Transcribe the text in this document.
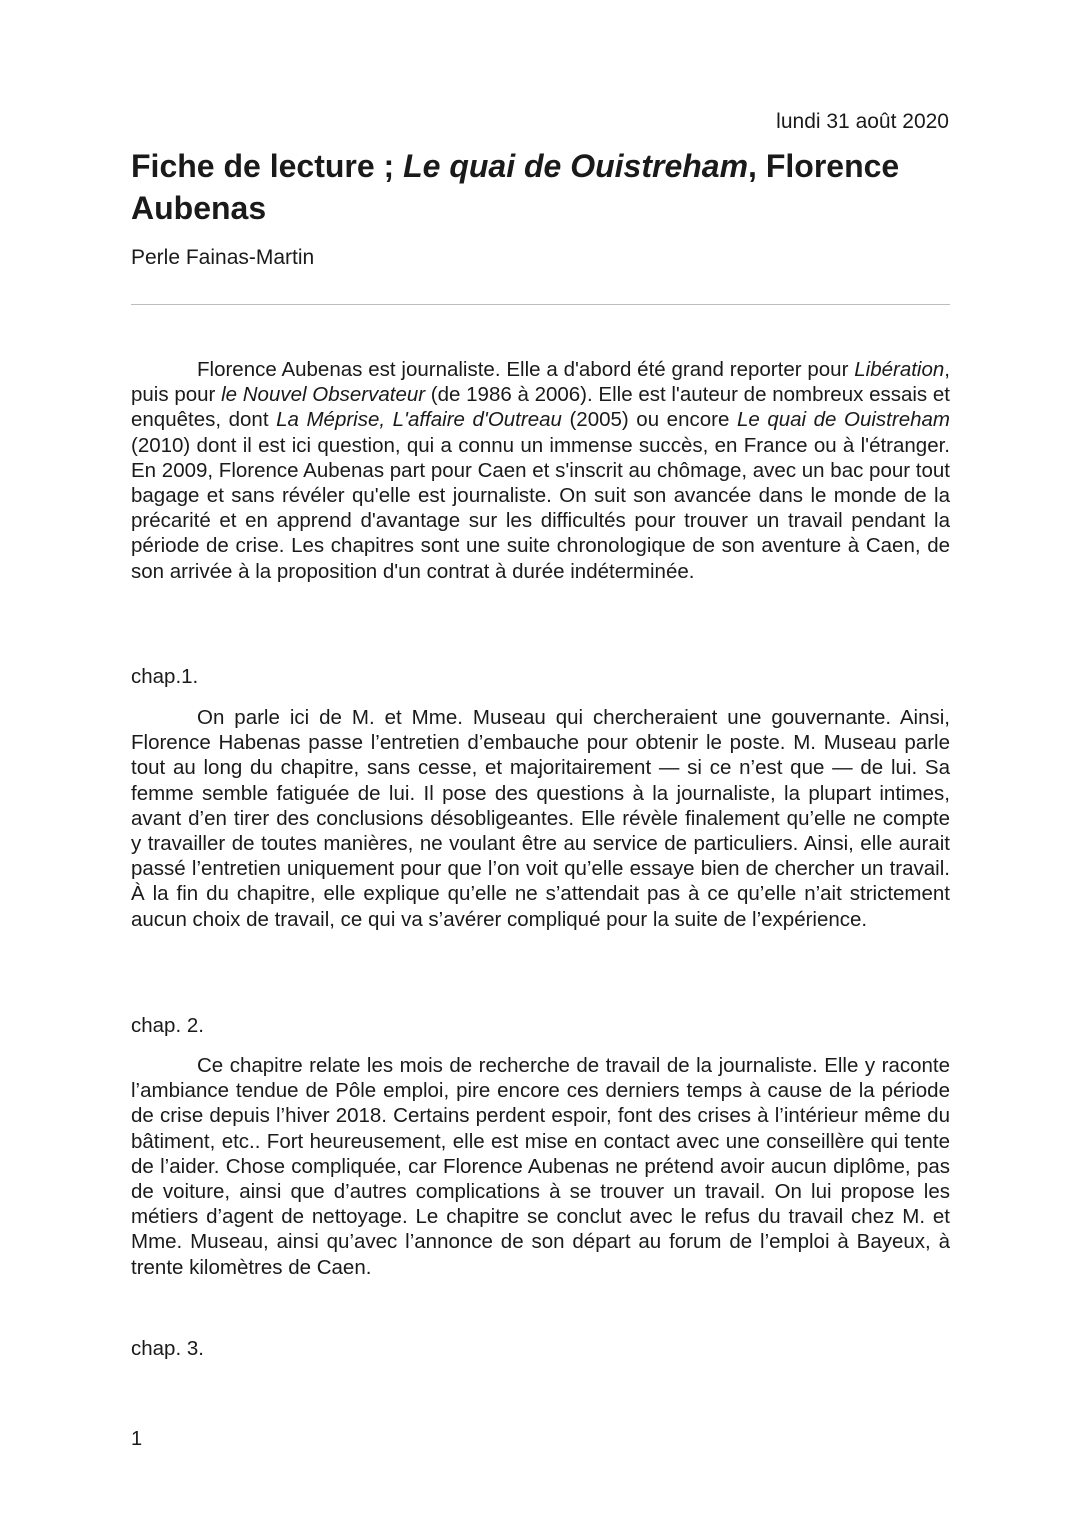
lundi 31 août 2020
Fiche de lecture ; Le quai de Ouistreham, Florence Aubenas
Perle Fainas-Martin

Florence Aubenas est journaliste. Elle a d'abord été grand reporter pour Libération, puis pour le Nouvel Observateur (de 1986 à 2006). Elle est l'auteur de nombreux essais et enquêtes, dont La Méprise, L'affaire d'Outreau (2005) ou encore Le quai de Ouistreham (2010) dont il est ici question, qui a connu un immense succès, en France ou à l'étranger. En 2009, Florence Aubenas part pour Caen et s'inscrit au chômage, avec un bac pour tout bagage et sans révéler qu'elle est journaliste. On suit son avancée dans le monde de la précarité et en apprend d'avantage sur les difficultés pour trouver un travail pendant la période de crise. Les chapitres sont une suite chronologique de son aventure à Caen, de son arrivée à la proposition d'un contrat à durée indéterminée.

chap.1.

On parle ici de M. et Mme. Museau qui chercheraient une gouvernante. Ainsi, Florence Habenas passe l’entretien d’embauche pour obtenir le poste. M. Museau parle tout au long du chapitre, sans cesse, et majoritairement — si ce n’est que — de lui. Sa femme semble fatiguée de lui. Il pose des questions à la journaliste, la plupart intimes, avant d’en tirer des conclusions désobligeantes. Elle révèle finalement qu’elle ne compte y travailler de toutes manières, ne voulant être au service de particuliers. Ainsi, elle aurait passé l’entretien uniquement pour que l’on voit qu’elle essaye bien de chercher un travail. À la fin du chapitre, elle explique qu’elle ne s’attendait pas à ce qu’elle n’ait strictement aucun choix de travail, ce qui va s’avérer compliqué pour la suite de l’expérience.

chap. 2.

Ce chapitre relate les mois de recherche de travail de la journaliste. Elle y raconte l’ambiance tendue de Pôle emploi, pire encore ces derniers temps à cause de la période de crise depuis l’hiver 2018. Certains perdent espoir, font des crises à l’intérieur même du bâtiment, etc.. Fort heureusement, elle est mise en contact avec une conseillère qui tente de l’aider. Chose compliquée, car Florence Aubenas ne prétend avoir aucun diplôme, pas de voiture, ainsi que d’autres complications à se trouver un travail. On lui propose les métiers d’agent de nettoyage. Le chapitre se conclut avec le refus du travail chez M. et Mme. Museau, ainsi qu’avec l’annonce de son départ au forum de l’emploi à Bayeux, à trente kilomètres de Caen.

chap. 3.
1
